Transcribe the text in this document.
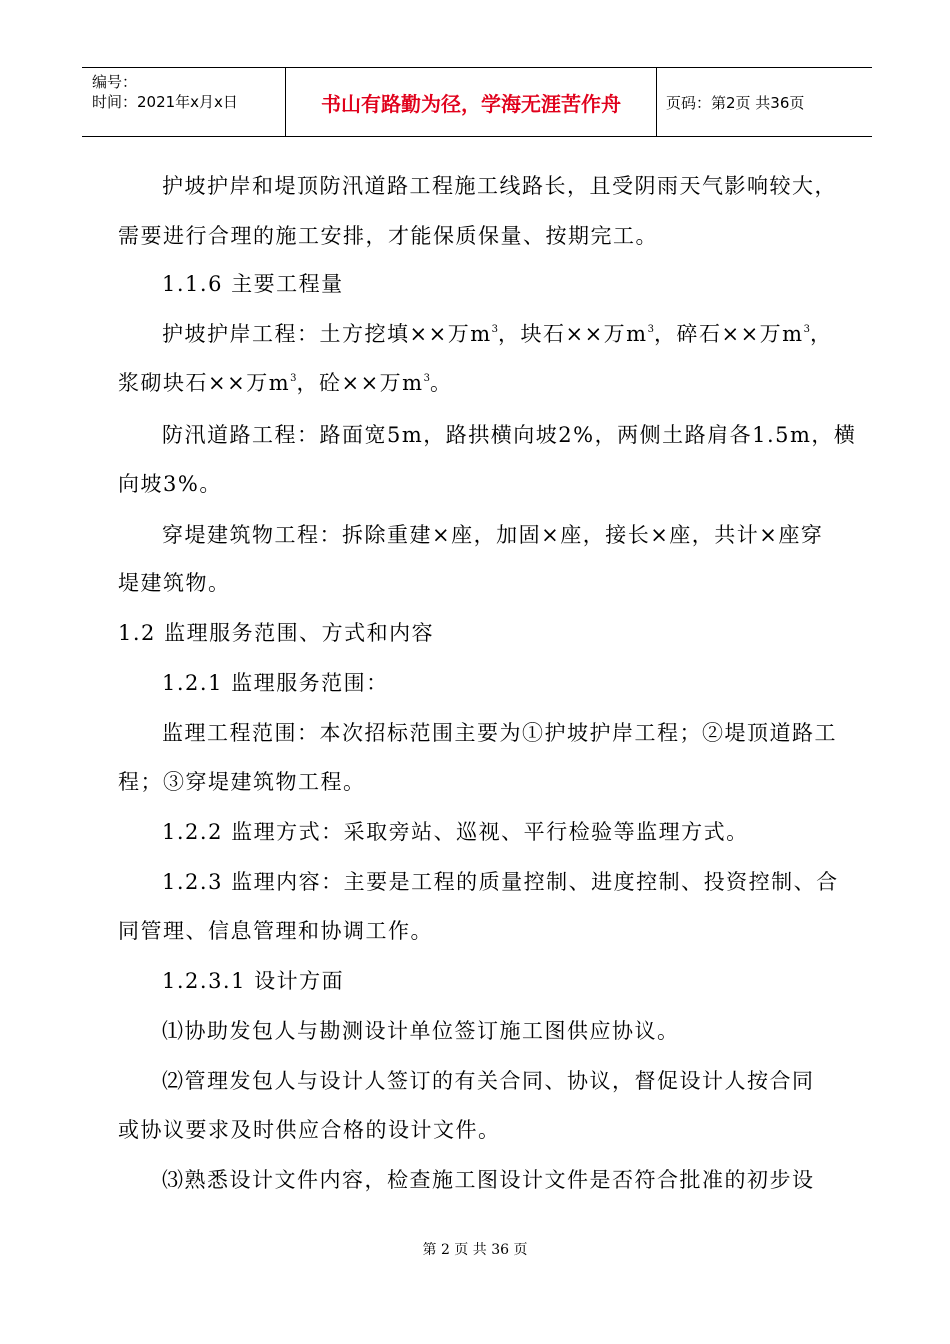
编号：
时间：2021年x月x日	书山有路勤为径，学海无涯苦作舟	页码：第2页 共36页
护坡护岸和堤顶防汛道路工程施工线路长，且受阴雨天气影响较大，
需要进行合理的施工安排，才能保质保量、按期完工。
1.1.6 主要工程量
护坡护岸工程：土方挖填××万$m^3$，块石××万$m^3$，碎石××万$m^3$，
浆砌块石××万$m^3$，砼××万$m^3$。
防汛道路工程：路面宽5m，路拱横向坡2%，两侧土路肩各1.5m，横
向坡3%。
穿堤建筑物工程：拆除重建×座，加固×座，接长×座，共计×座穿
堤建筑物。
1.2 监理服务范围、方式和内容
1.2.1 监理服务范围：
监理工程范围：本次招标范围主要为①护坡护岸工程；②堤顶道路工
程；③穿堤建筑物工程。
1.2.2 监理方式：采取旁站、巡视、平行检验等监理方式。
1.2.3 监理内容：主要是工程的质量控制、进度控制、投资控制、合
同管理、信息管理和协调工作。
1.2.3.1 设计方面
⑴协助发包人与勘测设计单位签订施工图供应协议。
⑵管理发包人与设计人签订的有关合同、协议，督促设计人按合同
或协议要求及时供应合格的设计文件。
⑶熟悉设计文件内容，检查施工图设计文件是否符合批准的初步设
第 2 页 共 36 页
